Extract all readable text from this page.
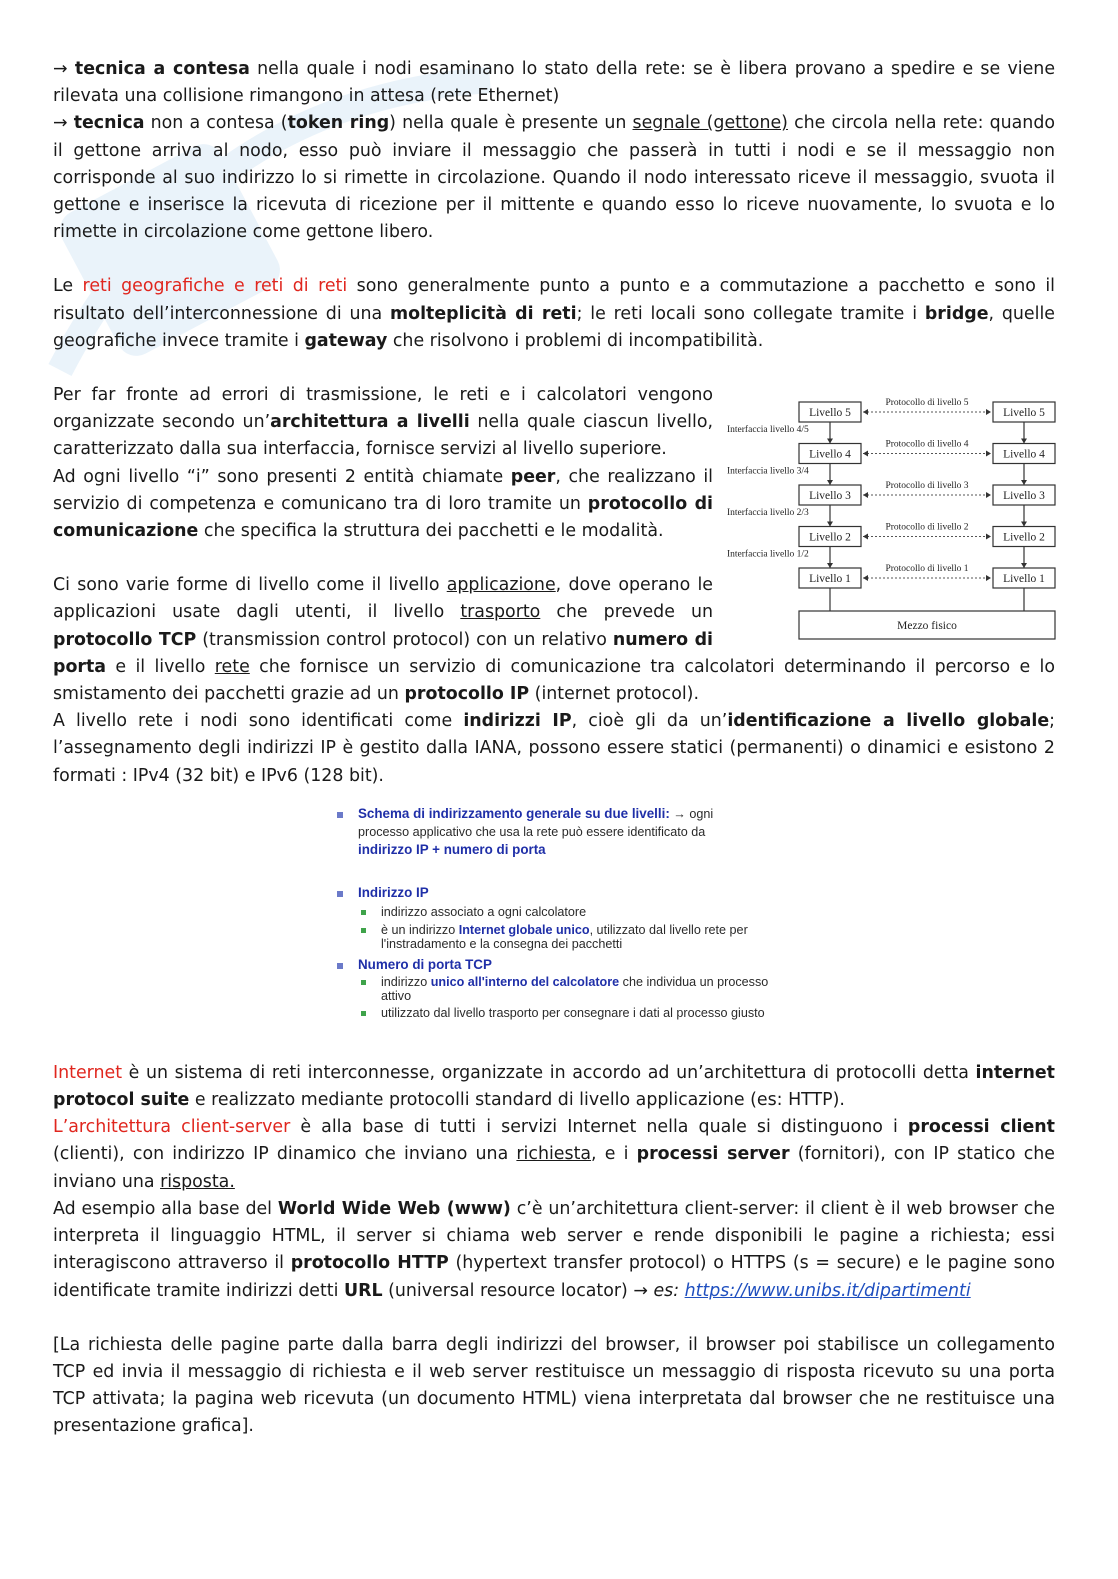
→ tecnica a contesa nella quale i nodi esaminano lo stato della rete: se è libera provano a spedire e se viene rilevata una collisione rimangono in attesa (rete Ethernet)
→ tecnica non a contesa (token ring) nella quale è presente un segnale (gettone) che circola nella rete: quando il gettone arriva al nodo, esso può inviare il messaggio che passerà in tutti i nodi e se il messaggio non corrisponde al suo indirizzo lo si rimette in circolazione. Quando il nodo interessato riceve il messaggio, svuota il gettone e inserisce la ricevuta di ricezione per il mittente e quando esso lo riceve nuovamente, lo svuota e lo rimette in circolazione come gettone libero.

Le reti geografiche e reti di reti sono generalmente punto a punto e a commutazione a pacchetto e sono il risultato dell’interconnessione di una molteplicità di reti; le reti locali sono collegate tramite i bridge, quelle geografiche invece tramite i gateway che risolvono i problemi di incompatibilità.

Livello 5	Livello 5
Protocollo di livello 5
Interfaccia livello 4/5
Livello 4	Livello 4
Protocollo di livello 4
Interfaccia livello 3/4
Livello 3	Livello 3
Protocollo di livello 3
Interfaccia livello 2/3
Livello 2	Livello 2
Protocollo di livello 2
Interfaccia livello 1/2
Livello 1	Livello 1
Protocollo di livello 1
Mezzo fisico

Per far fronte ad errori di trasmissione, le reti e i calcolatori vengono organizzate secondo un’architettura a livelli nella quale ciascun livello, caratterizzato dalla sua interfaccia, fornisce servizi al livello superiore.
Ad ogni livello “i” sono presenti 2 entità chiamate peer, che realizzano il servizio di competenza e comunicano tra di loro tramite un protocollo di comunicazione che specifica la struttura dei pacchetti e le modalità.

Ci sono varie forme di livello come il livello applicazione, dove operano le applicazioni usate dagli utenti, il livello trasporto che prevede un protocollo TCP (transmission control protocol) con un relativo numero di porta e il livello rete che fornisce un servizio di comunicazione tra calcolatori determinando il percorso e lo smistamento dei pacchetti grazie ad un protocollo IP (internet protocol).
A livello rete i nodi sono identificati come indirizzi IP, cioè gli da un’identificazione a livello globale; l’assegnamento degli indirizzi IP è gestito dalla IANA, possono essere statici (permanenti) o dinamici e esistono 2 formati : IPv4 (32 bit) e IPv6 (128 bit).

Schema di indirizzamento generale su due livelli: → ogni
processo applicativo che usa la rete può essere identificato da
indirizzo IP + numero di porta
Indirizzo IP
indirizzo associato a ogni calcolatore
è un indirizzo Internet globale unico, utilizzato dal livello rete per
l'instradamento e la consegna dei pacchetti
Numero di porta TCP
indirizzo unico all'interno del calcolatore che individua un processo
attivo
utilizzato dal livello trasporto per consegnare i dati al processo giusto

Internet è un sistema di reti interconnesse, organizzate in accordo ad un’architettura di protocolli detta internet protocol suite e realizzato mediante protocolli standard di livello applicazione (es: HTTP).
L’architettura client-server è alla base di tutti i servizi Internet nella quale si distinguono i processi client (clienti), con indirizzo IP dinamico che inviano una richiesta, e i processi server (fornitori), con IP statico che inviano una risposta.
Ad esempio alla base del World Wide Web (www) c’è un’architettura client-server: il client è il web browser che interpreta il linguaggio HTML, il server si chiama web server e rende disponibili le pagine a richiesta; essi interagiscono attraverso il protocollo HTTP (hypertext transfer protocol) o HTTPS (s = secure) e le pagine sono identificate tramite indirizzi detti URL (universal resource locator) → es: https://www.unibs.it/dipartimenti

[La richiesta delle pagine parte dalla barra degli indirizzi del browser, il browser poi stabilisce un collegamento TCP ed invia il messaggio di richiesta e il web server restituisce un messaggio di risposta ricevuto su una porta TCP attivata; la pagina web ricevuta (un documento HTML) viena interpretata dal browser che ne restituisce una presentazione grafica].
